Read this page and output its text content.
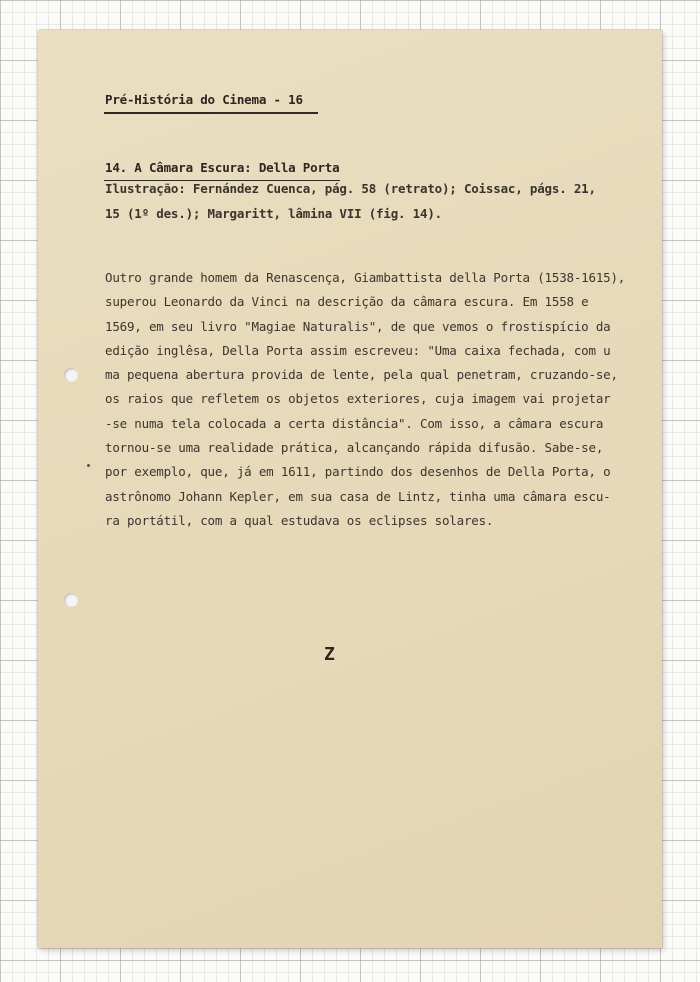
Pré-História do Cinema - 16
14. A Câmara Escura: Della Porta
Ilustração: Fernández Cuenca, pág. 58 (retrato); Coissac, págs. 21,
15 (1º des.); Margaritt, lâmina VII (fig. 14).
Outro grande homem da Renascença, Giambattista della Porta (1538-1615),
superou Leonardo da Vinci na descrição da câmara escura. Em 1558 e
1569, em seu livro "Magiae Naturalis", de que vemos o frostispício da
edição inglêsa, Della Porta assim escreveu: "Uma caixa fechada, com u
ma pequena abertura provida de lente, pela qual penetram, cruzando-se,
os raios que refletem os objetos exteriores, cuja imagem vai projetar
-se numa tela colocada a certa distância". Com isso, a câmara escura
tornou-se uma realidade prática, alcançando rápida difusão. Sabe-se,
por exemplo, que, já em 1611, partindo dos desenhos de Della Porta, o
astrônomo Johann Kepler, em sua casa de Lintz, tinha uma câmara escu-
ra portátil, com a qual estudava os eclipses solares.
Z
